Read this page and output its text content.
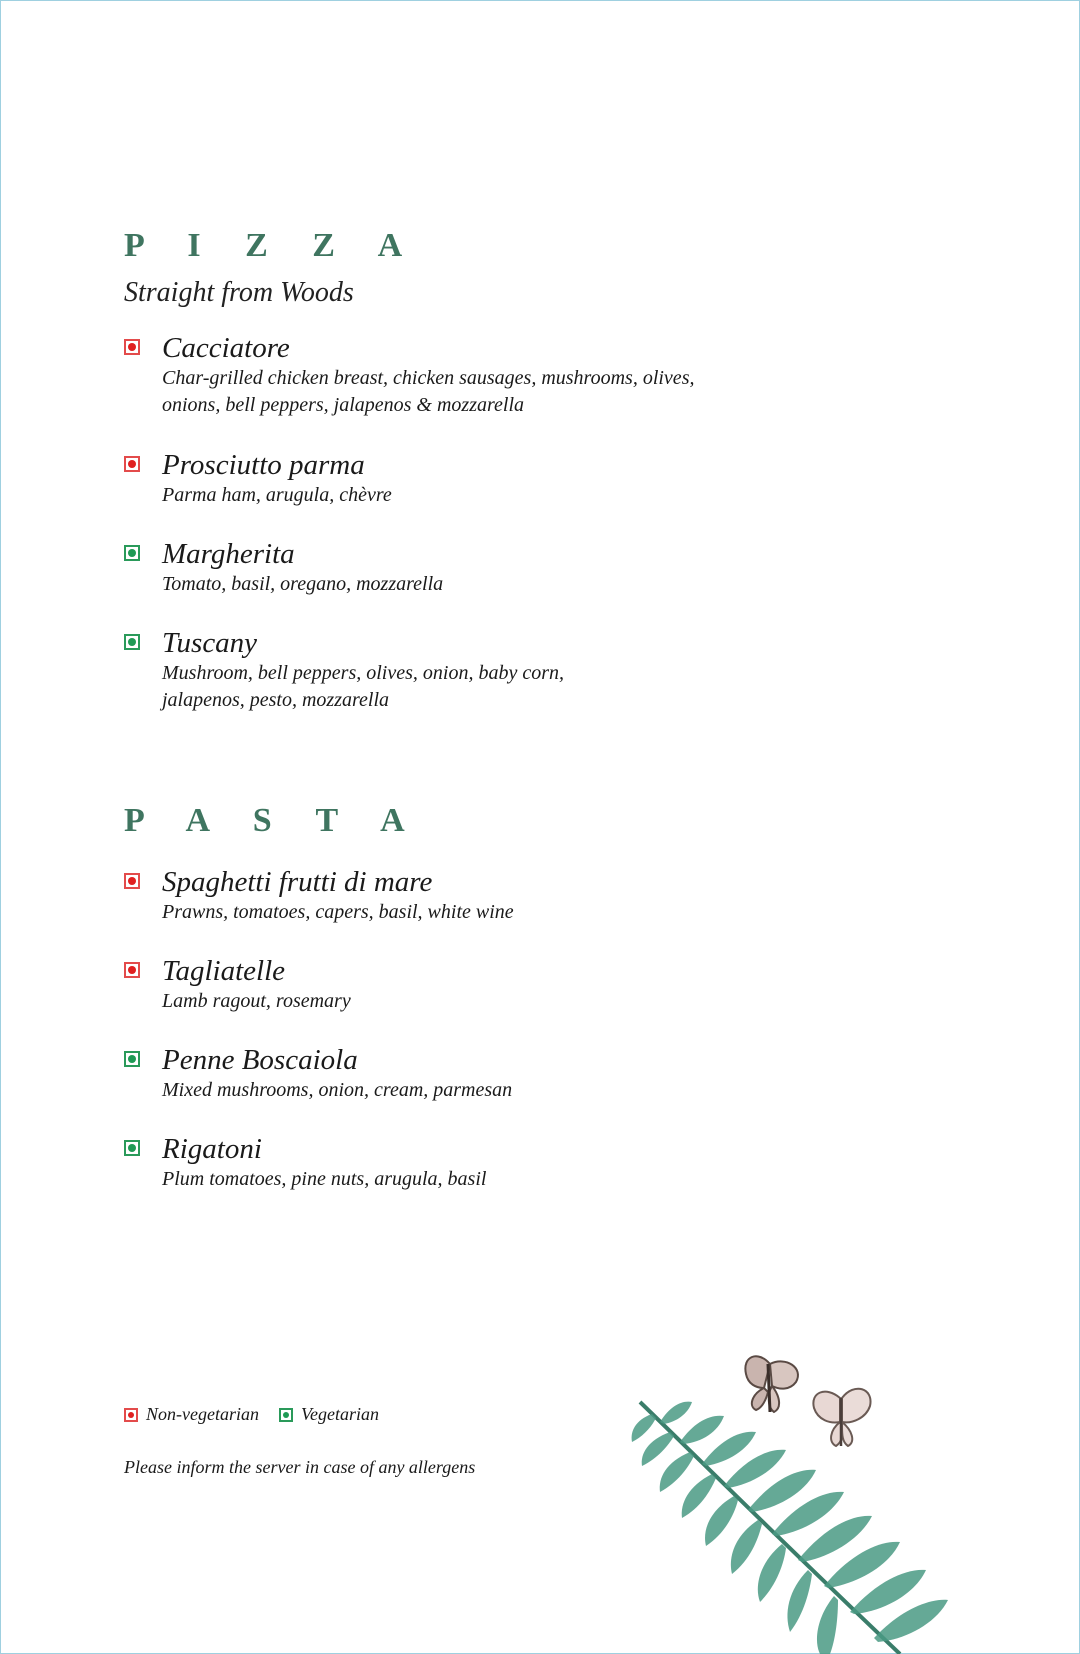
P I Z Z A
Straight from Woods
Cacciatore
Char-grilled chicken breast, chicken sausages, mushrooms, olives, onions, bell peppers, jalapenos & mozzarella
Prosciutto parma
Parma ham, arugula, chèvre
Margherita
Tomato, basil, oregano, mozzarella
Tuscany
Mushroom, bell peppers, olives, onion, baby corn, jalapenos, pesto, mozzarella
P A S T A
Spaghetti frutti di mare
Prawns, tomatoes, capers, basil, white wine
Tagliatelle
Lamb ragout, rosemary
Penne Boscaiola
Mixed mushrooms, onion, cream, parmesan
Rigatoni
Plum tomatoes, pine nuts, arugula, basil
Non-vegetarian Vegetarian
Please inform the server in case of any allergens
